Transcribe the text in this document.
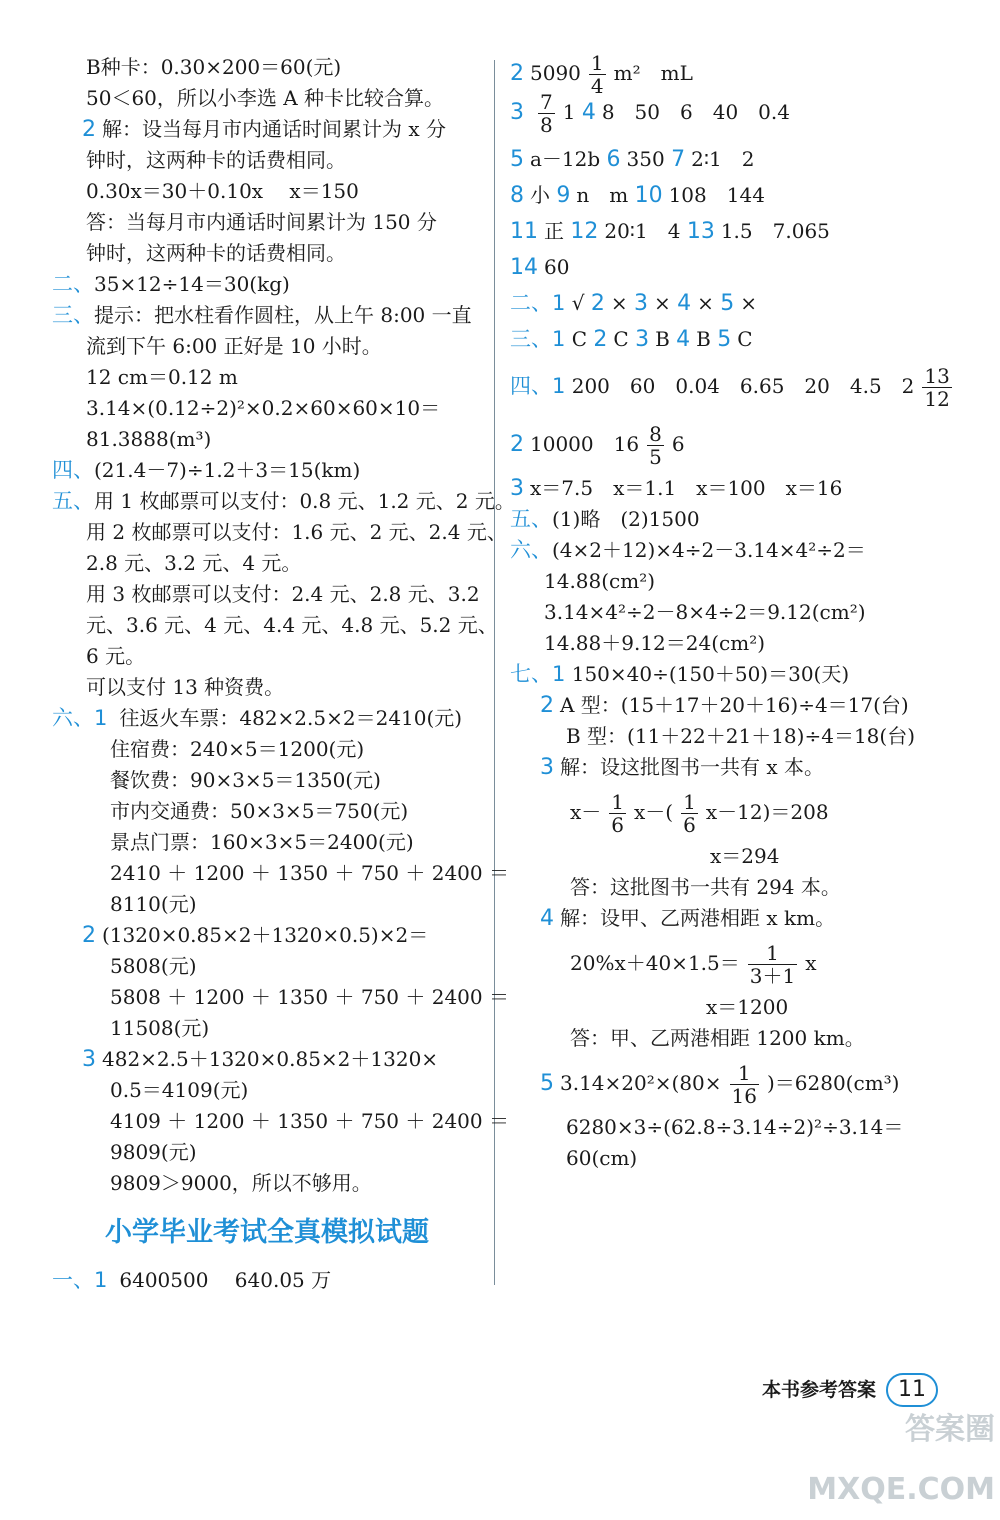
B种卡：0.30×200＝60(元)
50＜60，所以小李选 A 种卡比较合算。
2 解：设当每月市内通话时间累计为 x 分
钟时，这两种卡的话费相同。
0.30x＝30＋0.10x　 x＝150
答：当每月市内通话时间累计为 150 分
钟时，这两种卡的话费相同。
二、35×12÷14＝30(kg)
三、提示：把水柱看作圆柱，从上午 8:00 一直
流到下午 6:00 正好是 10 小时。
12 cm＝0.12 m
3.14×(0.12÷2)²×0.2×60×60×10＝
81.3888(m³)
四、(21.4－7)÷1.2＋3＝15(km)
五、用 1 枚邮票可以支付：0.8 元、1.2 元、2 元。
用 2 枚邮票可以支付：1.6 元、2 元、2.4 元、
2.8 元、3.2 元、4 元。
用 3 枚邮票可以支付：2.4 元、2.8 元、3.2
元、3.6 元、4 元、4.4 元、4.8 元、5.2 元、
6 元。
可以支付 13 种资费。
六、1 往返火车票：482×2.5×2＝2410(元)
住宿费：240×5＝1200(元)
餐饮费：90×3×5＝1350(元)
市内交通费：50×3×5＝750(元)
景点门票：160×3×5＝2400(元)
2410 ＋ 1200 ＋ 1350 ＋ 750 ＋ 2400 ＝
8110(元)
2 (1320×0.85×2＋1320×0.5)×2＝
5808(元)
5808 ＋ 1200 ＋ 1350 ＋ 750 ＋ 2400 ＝
11508(元)
3 482×2.5＋1320×0.85×2＋1320×
0.5＝4109(元)
4109 ＋ 1200 ＋ 1350 ＋ 750 ＋ 2400 ＝
9809(元)
9809＞9000，所以不够用。
小学毕业考试全真模拟试题
一、1 6400500　 640.05 万
2 $5090 \frac{1}{4} m^2$　mL
$3 \frac{7}{8} 1$ 4 8　50　6　40　0.4
5 a－12b 6 350 7 2∶1　2
8 小 9 n　m 10 108　144
11 正 12 20∶1　4 13 1.5　7.065
14 60
二、1 √ 2 × 3 × 4 × 5 ×
三、1 C 2 C 3 B 4 B 5 C
四、1 200　60　0.04　6.65　20　4.5　$2 \frac{13}{12}$
2 10000　$16 \frac{8}{5} 6$
3 x＝7.5　x＝1.1　x＝100　x＝16
五、(1)略　(2)1500
六、(4×2＋12)×4÷2－3.14×4²÷2＝
14.88(cm²)
3.14×4²÷2－8×4÷2＝9.12(cm²)
14.88＋9.12＝24(cm²)
七、1 150×40÷(150＋50)＝30(天)
2 A 型：(15＋17＋20＋16)÷4＝17(台)
B 型：(11＋22＋21＋18)÷4＝18(台)
3 解：设这批图书一共有 x 本。
$x- \frac{1}{6} x-( \frac{1}{6} x-12)=208$
x＝294
答：这批图书一共有 294 本。
4 解：设甲、乙两港相距 x km。
$20\%x+40\times 1.5= \frac{1}{3+1}$ x
x＝1200
答：甲、乙两港相距 1200 km。
5 $3.14\times 20^2\times(80\times \frac{1}{16} )=6280(cm^3)$
6280×3÷(62.8÷3.14÷2)²÷3.14＝
60(cm)
本书参考答案 11
答案圈 MXQE.COM
